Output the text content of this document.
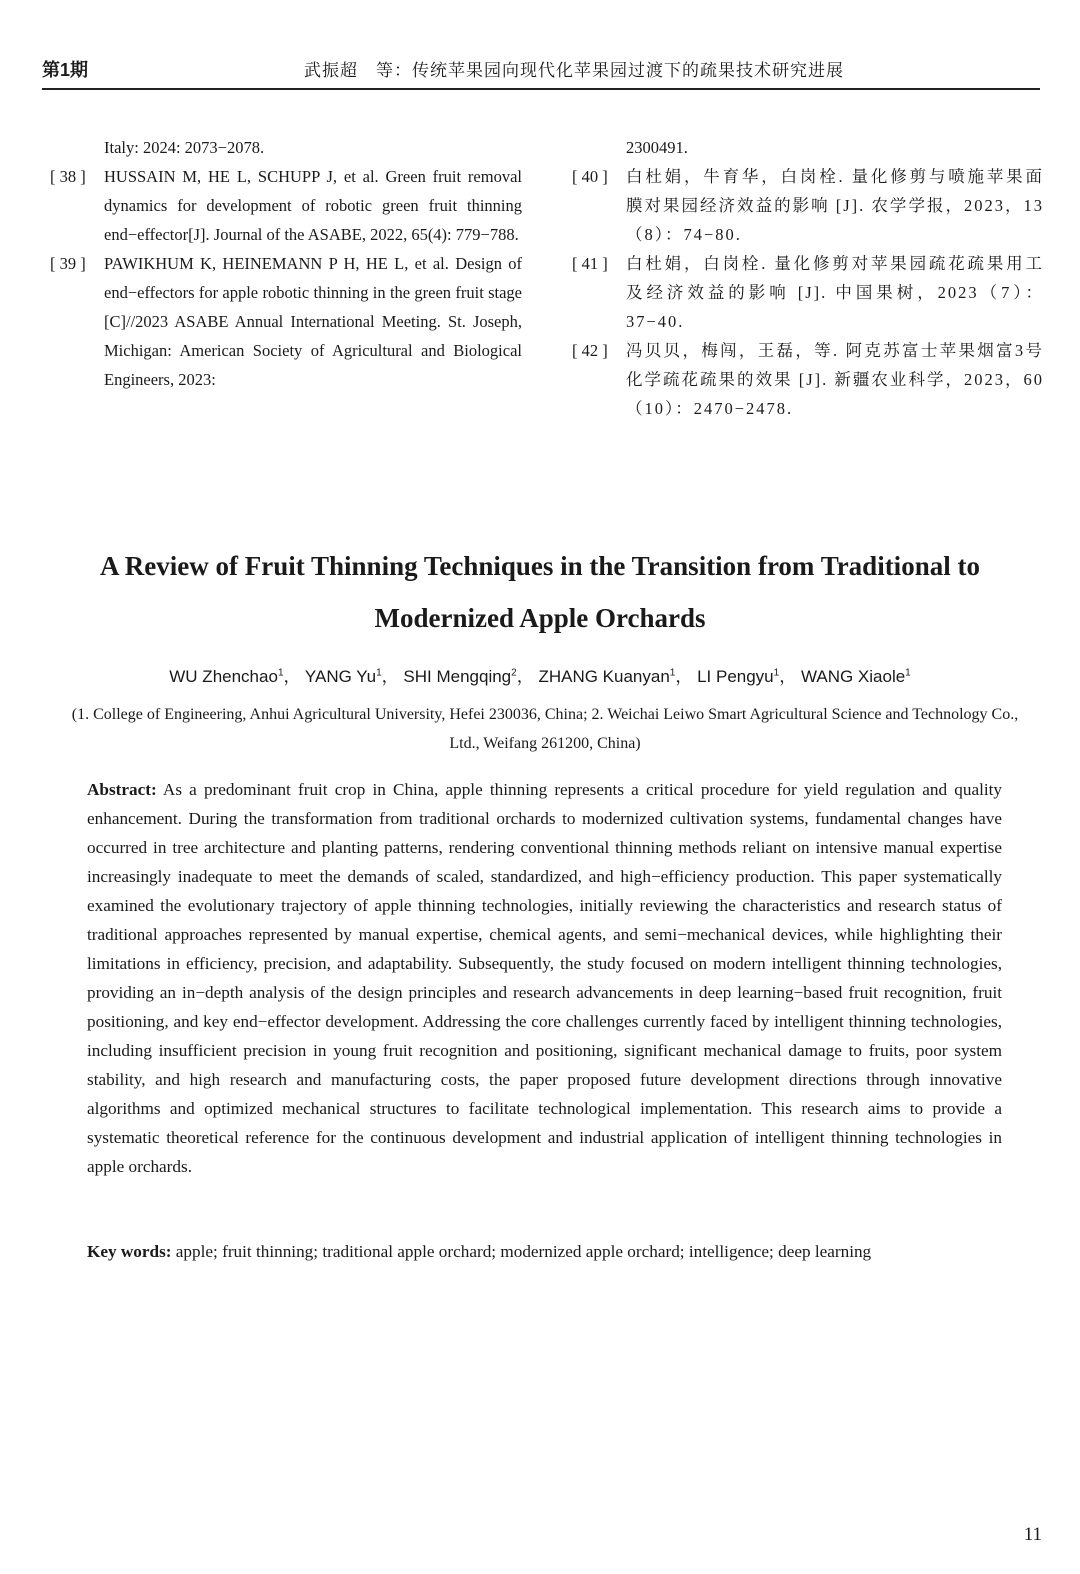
第1期	武振超　等：传统苹果园向现代化苹果园过渡下的疏果技术研究进展
Italy: 2024: 2073−2078.
[ 38 ] HUSSAIN M, HE L, SCHUPP J, et al. Green fruit removal dynamics for development of robotic green fruit thinning end−effector[J]. Journal of the ASABE, 2022, 65(4): 779−788.
[ 39 ] PAWIKHUM K, HEINEMANN P H, HE L, et al. Design of end−effectors for apple robotic thinning in the green fruit stage [C]//2023 ASABE Annual International Meeting. St. Joseph, Michigan: American Society of Agricultural and Biological Engineers, 2023:
2300491.
[ 40 ] 白杜娟，牛育华，白岗栓. 量化修剪与喷施苹果面膜对果园经济效益的影响 [J]. 农学学报，2023，13（8）：74−80.
[ 41 ] 白杜娟，白岗栓. 量化修剪对苹果园疏花疏果用工及经济效益的影响 [J]. 中国果树，2023（7）：37−40.
[ 42 ] 冯贝贝，梅闯，王磊，等. 阿克苏富士苹果烟富3号化学疏花疏果的效果 [J]. 新疆农业科学，2023，60（10）：2470−2478.
A Review of Fruit Thinning Techniques in the Transition from Traditional to Modernized Apple Orchards
WU Zhenchao$^1$， YANG Yu$^1$， SHI Mengqing$^2$， ZHANG Kuanyan$^1$， LI Pengyu$^1$， WANG Xiaole$^1$
(1. College of Engineering, Anhui Agricultural University, Hefei 230036, China; 2. Weichai Leiwo Smart Agricultural Science and Technology Co., Ltd., Weifang 261200, China)
Abstract: As a predominant fruit crop in China, apple thinning represents a critical procedure for yield regulation and quality enhancement. During the transformation from traditional orchards to modernized cultivation systems, fundamental changes have occurred in tree architecture and planting patterns, rendering conventional thinning methods reliant on intensive manual expertise increasingly inadequate to meet the demands of scaled, standardized, and high−efficiency production. This paper systematically examined the evolutionary trajectory of apple thinning technologies, initially reviewing the characteristics and research status of traditional approaches represented by manual expertise, chemical agents, and semi−mechanical devices, while highlighting their limitations in efficiency, precision, and adaptability. Subsequently, the study focused on modern intelligent thinning technologies, providing an in−depth analysis of the design principles and research advancements in deep learning−based fruit recognition, fruit positioning, and key end−effector development. Addressing the core challenges currently faced by intelligent thinning technologies, including insufficient precision in young fruit recognition and positioning, significant mechanical damage to fruits, poor system stability, and high research and manufacturing costs, the paper proposed future development directions through innovative algorithms and optimized mechanical structures to facilitate technological implementation. This research aims to provide a systematic theoretical reference for the continuous development and industrial application of intelligent thinning technologies in apple orchards.
Key words: apple; fruit thinning; traditional apple orchard; modernized apple orchard; intelligence; deep learning
11
